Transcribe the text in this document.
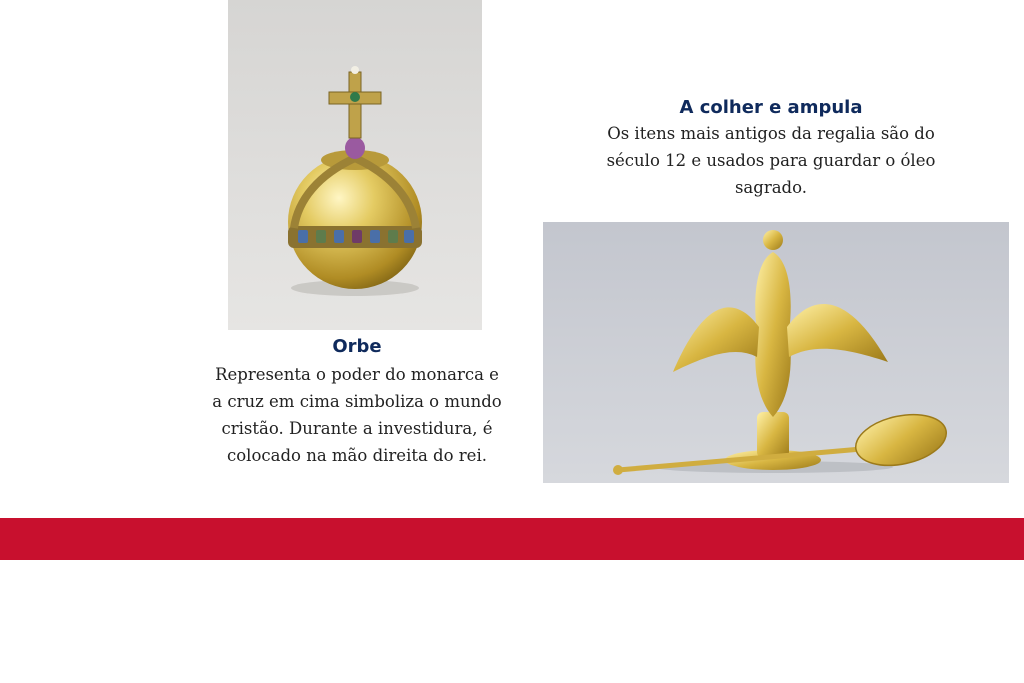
Orbe
Representa o poder do monarca e a cruz em cima simboliza o mundo cristão. Durante a investidura, é colocado na mão direita do rei.
A colher e ampula
Os itens mais antigos da regalia são do século 12 e usados para guardar o óleo sagrado.
